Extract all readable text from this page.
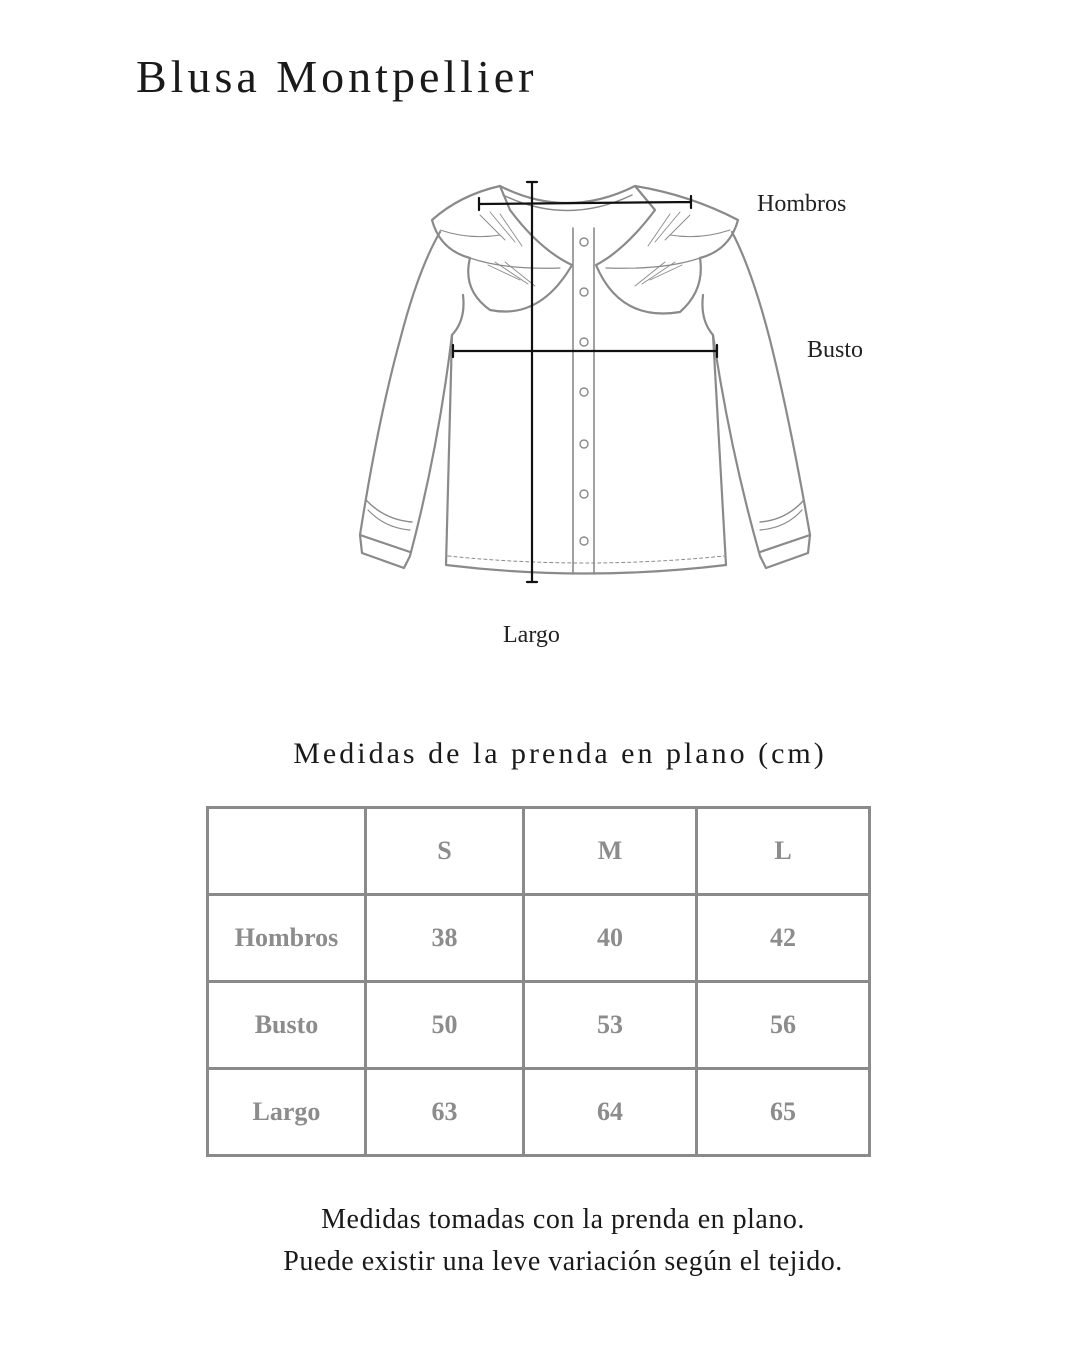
Blusa Montpellier
Hombros
Busto
Largo
Medidas de la prenda en plano (cm)
	S	M	L
Hombros	38	40	42
Busto	50	53	56
Largo	63	64	65
Medidas tomadas con la prenda en plano.
Puede existir una leve variación según el tejido.
